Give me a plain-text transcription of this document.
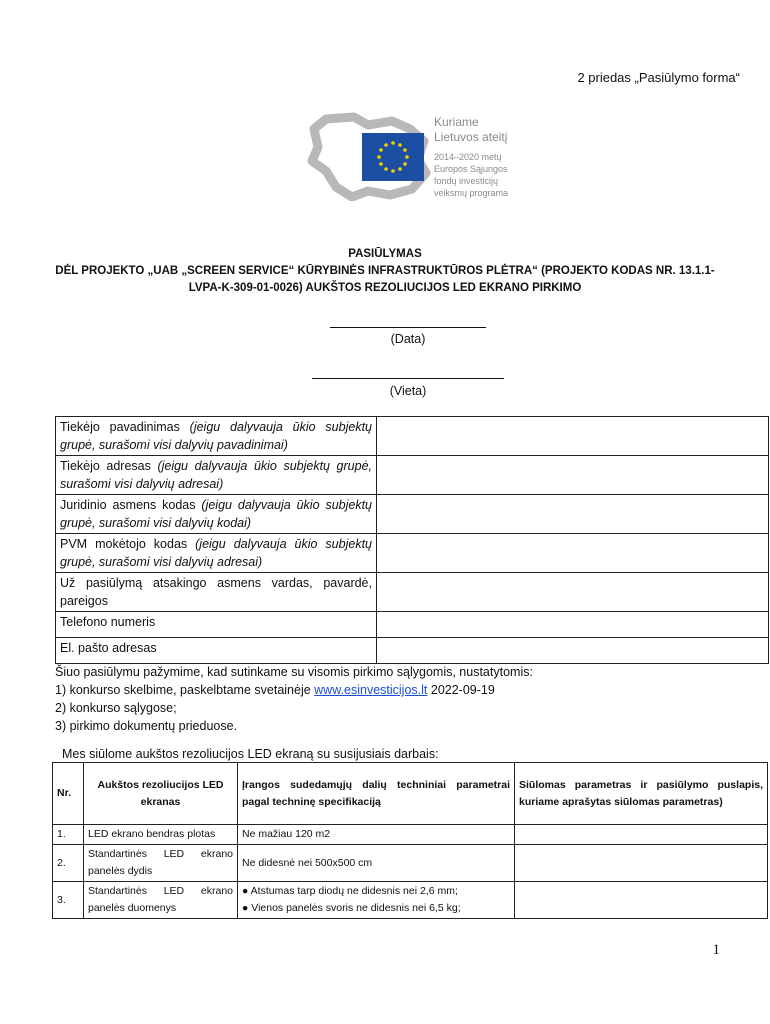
2 priedas „Pasiūlymo forma“
Kuriame
Lietuvos ateitį
2014–2020 metų
Europos Sąjungos
fondų investicijų
veiksmų programa
PASIŪLYMAS
DĖL PROJEKTO „UAB „SCREEN SERVICE“ KŪRYBINĖS INFRASTRUKTŪROS PLĖTRA“ (PROJEKTO KODAS NR. 13.1.1-
LVPA-K-309-01-0026) AUKŠTOS REZOLIUCIJOS LED EKRANO PIRKIMO
(Data)
(Vieta)
Tiekėjo pavadinimas (jeigu dalyvauja ūkio subjektų grupė, surašomi visi dalyvių pavadinimai)	
Tiekėjo adresas (jeigu dalyvauja ūkio subjektų grupė, surašomi visi dalyvių adresai)	
Juridinio asmens kodas (jeigu dalyvauja ūkio subjektų grupė, surašomi visi dalyvių kodai)	
PVM mokėtojo kodas (jeigu dalyvauja ūkio subjektų grupė, surašomi visi dalyvių adresai)	
Už pasiūlymą atsakingo asmens vardas, pavardė, pareigos	
Telefono numeris	
El. pašto adresas	
Šiuo pasiūlymu pažymime, kad sutinkame su visomis pirkimo sąlygomis, nustatytomis:
1) konkurso skelbime, paskelbtame svetainėje www.esinvesticijos.lt 2022-09-19
2) konkurso sąlygose;
3) pirkimo dokumentų prieduose.
Mes siūlome aukštos rezoliucijos LED ekraną su susijusiais darbais:
Nr.	Aukštos rezoliucijos LED ekranas	Įrangos sudedamųjų dalių techniniai parametrai pagal techninę specifikaciją	Siūlomas parametras ir pasiūlymo puslapis, kuriame aprašytas siūlomas parametras)
1.	LED ekrano bendras plotas	Ne mažiau 120 m2	

2.	Standartinės LED ekrano panelės dydis	Ne didesnė nei 500x500 cm	

3.	Standartinės LED ekrano panelės duomenys	● Atstumas tarp diodų ne didesnis nei 2,6 mm;
● Vienos panelės svoris ne didesnis nei 6,5 kg;	

1
